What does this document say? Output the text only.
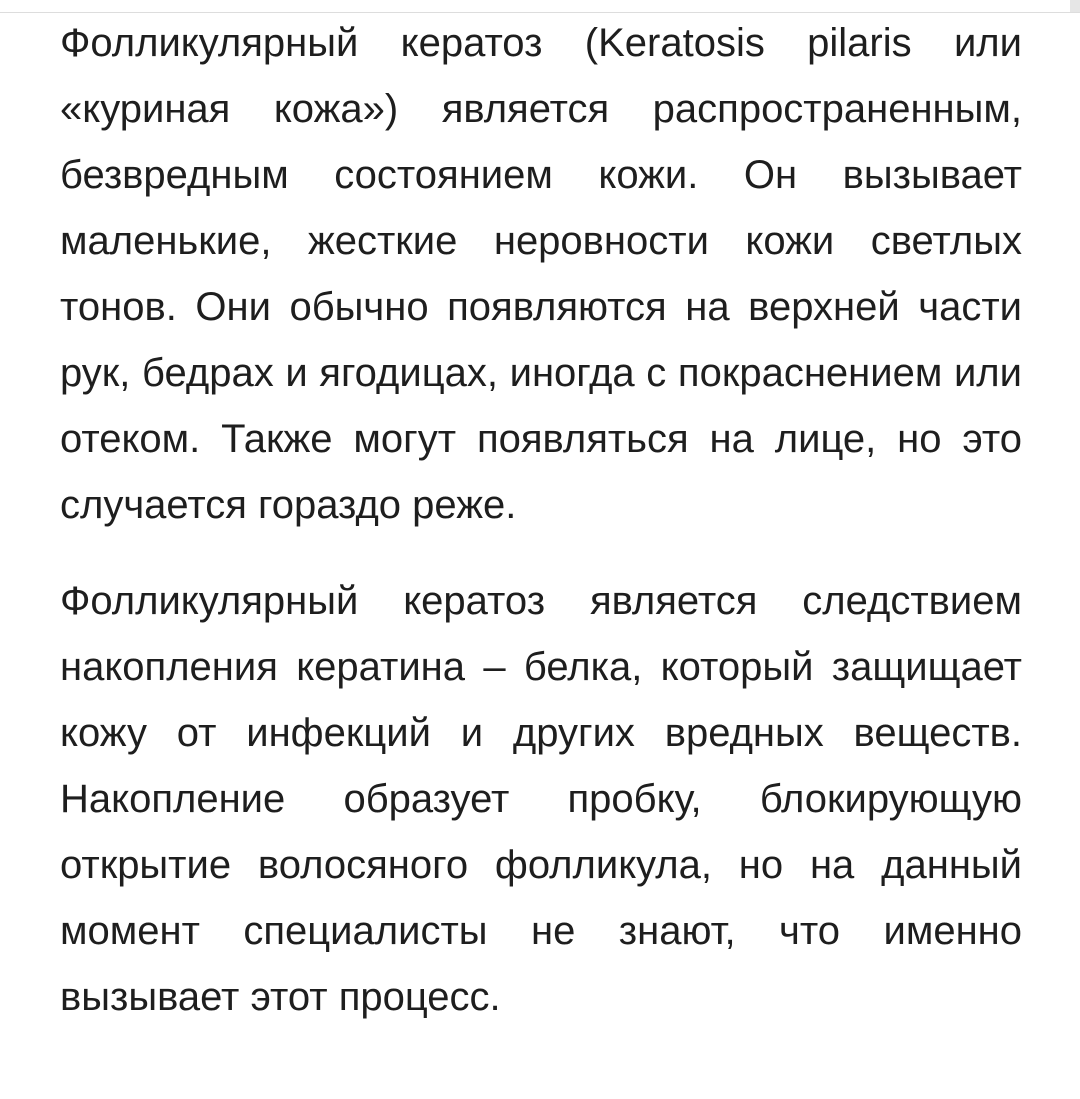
Фолликулярный кератоз (Keratosis pilaris или «куриная кожа») является распространенным, безвредным состоянием кожи. Он вызывает маленькие, жесткие неровности кожи светлых тонов. Они обычно появляются на верхней части рук, бедрах и ягодицах, иногда с покраснением или отеком. Также могут появляться на лице, но это случается гораздо реже.

Фолликулярный кератоз является следствием накопления кератина – белка, который защищает кожу от инфекций и других вредных веществ. Накопление образует пробку, блокирующую открытие волосяного фолликула, но на данный момент специалисты не знают, что именно вызывает этот процесс.
